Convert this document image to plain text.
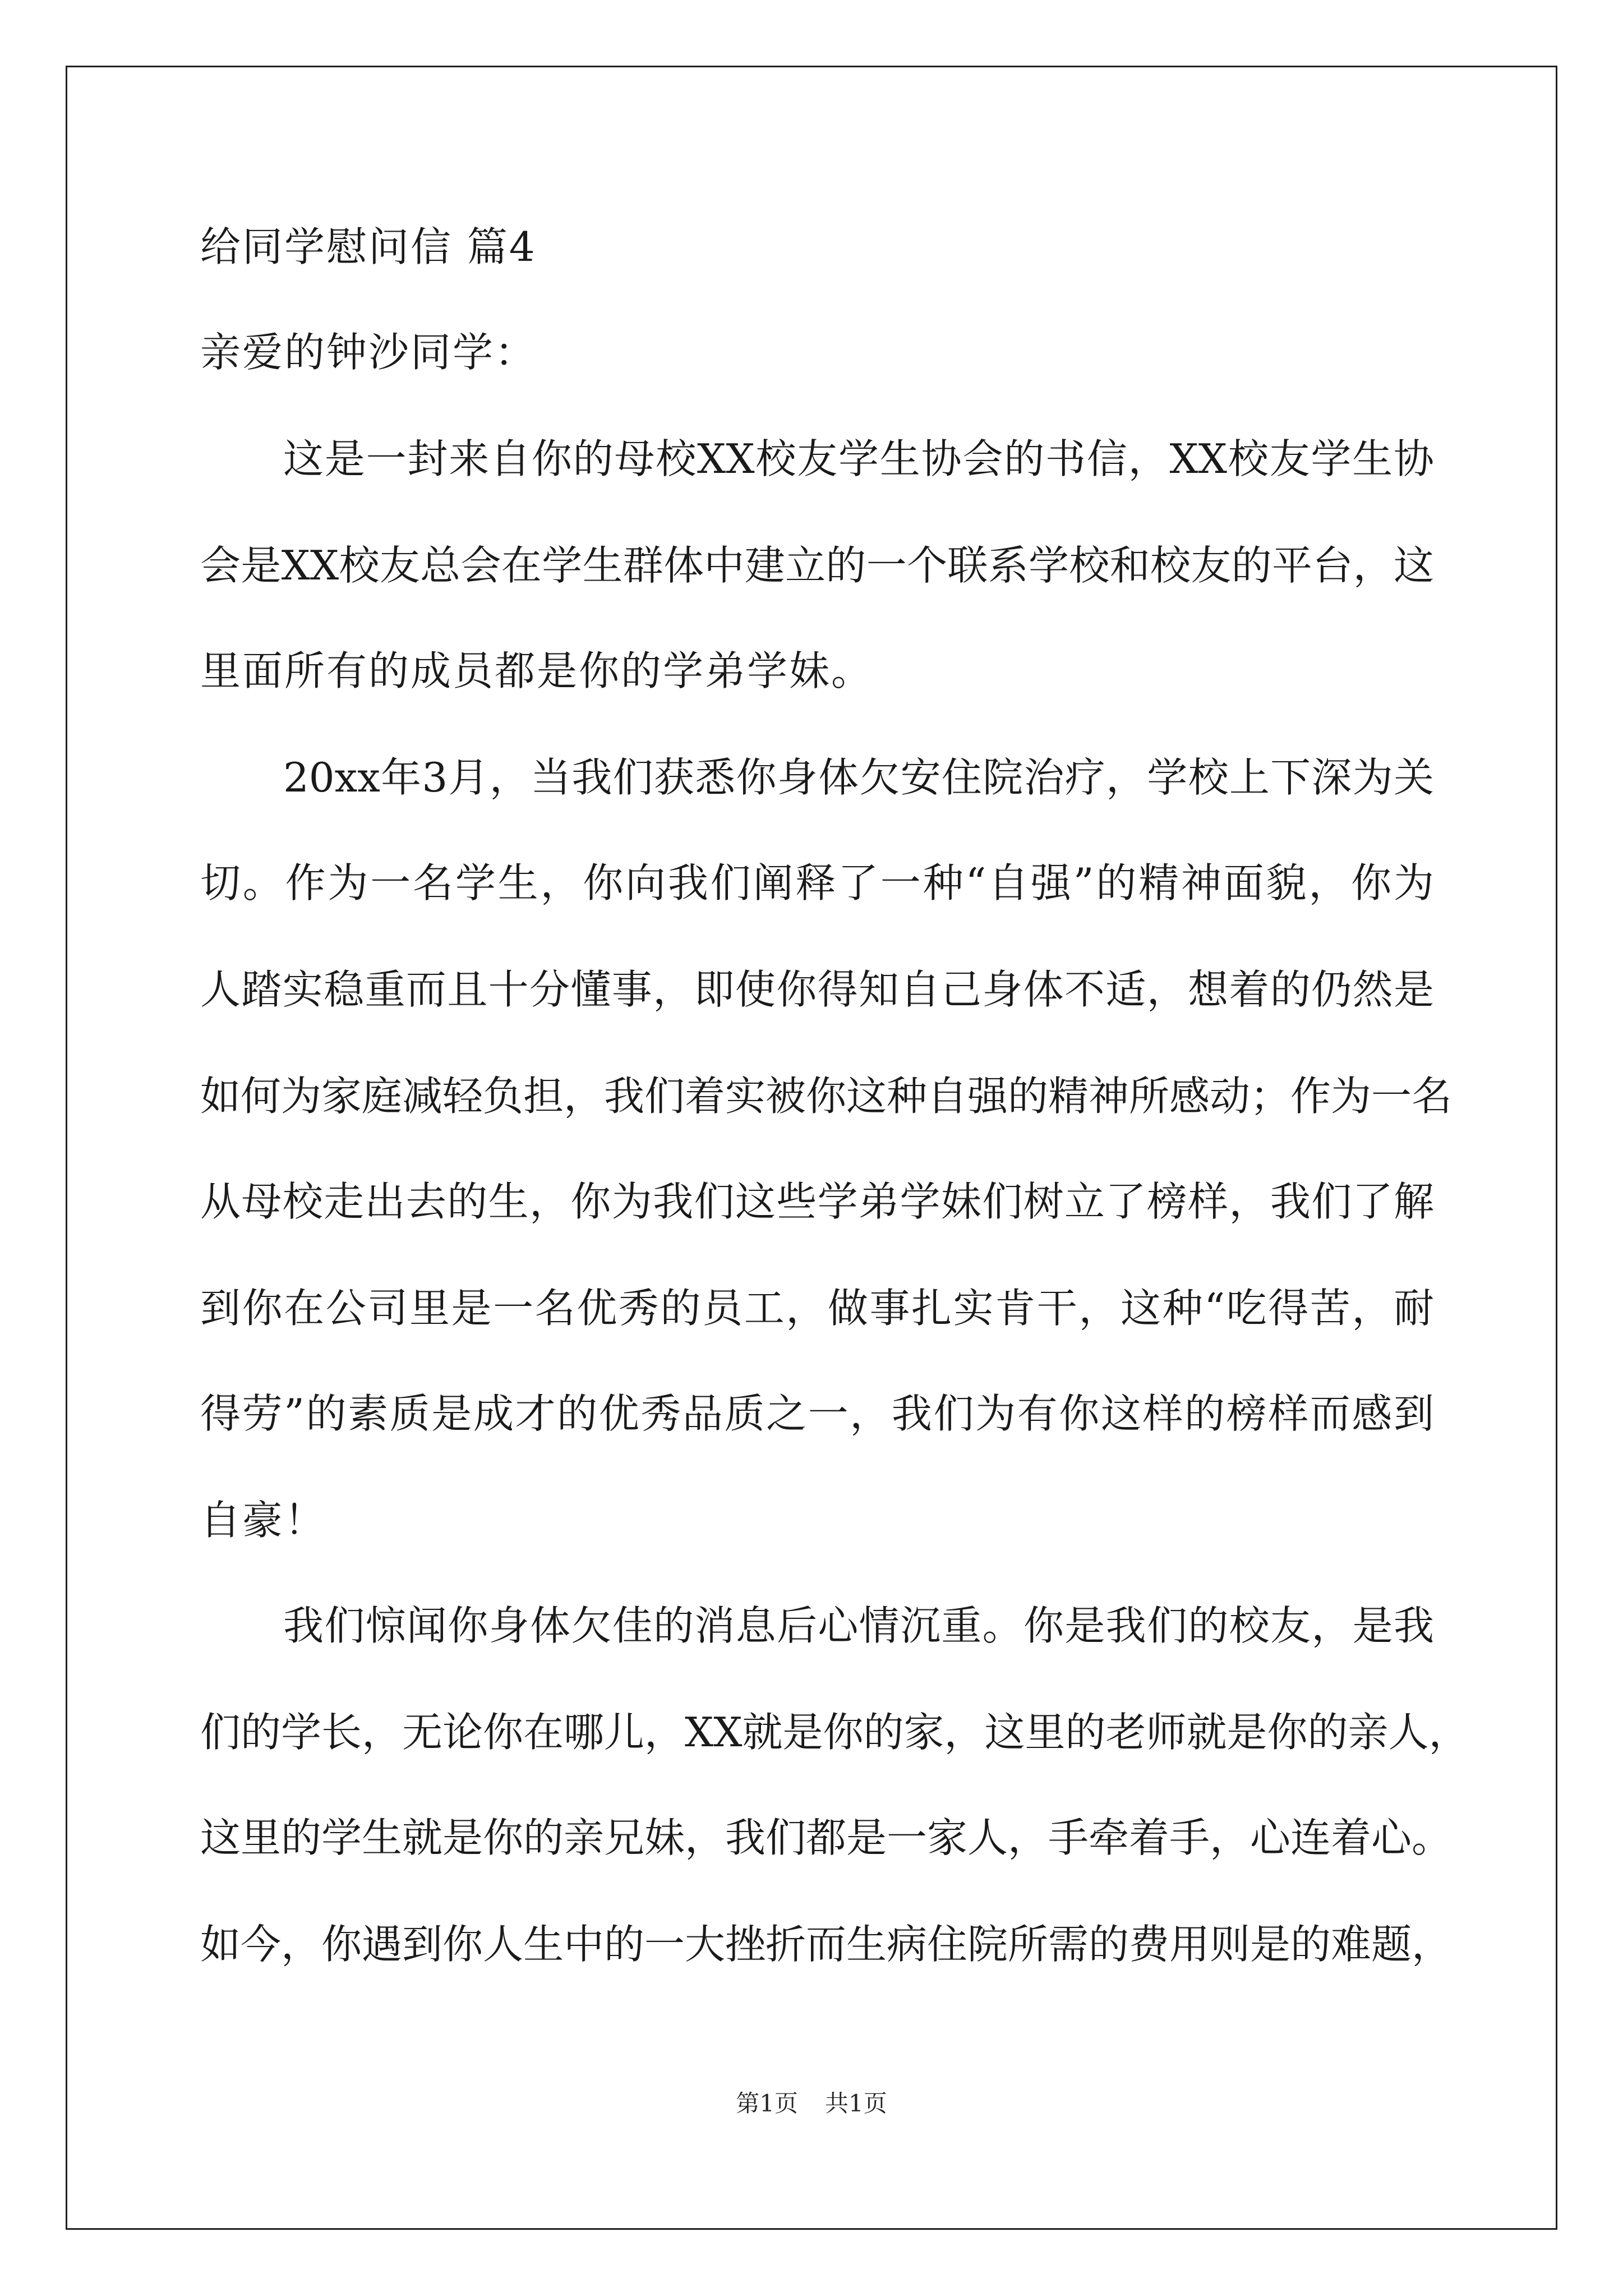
给同学慰问信 篇4
亲爱的钟沙同学：
这是一封来自你的母校XX校友学生协会的书信，XX校友学生协
会是XX校友总会在学生群体中建立的一个联系学校和校友的平台，这
里面所有的成员都是你的学弟学妹。
20xx年3月，当我们获悉你身体欠安住院治疗，学校上下深为关
切。作为一名学生，你向我们阐释了一种“自强”的精神面貌，你为
人踏实稳重而且十分懂事，即使你得知自己身体不适，想着的仍然是
如何为家庭减轻负担，我们着实被你这种自强的精神所感动；作为一名
从母校走出去的生，你为我们这些学弟学妹们树立了榜样，我们了解
到你在公司里是一名优秀的员工，做事扎实肯干，这种“吃得苦，耐
得劳”的素质是成才的优秀品质之一，我们为有你这样的榜样而感到
自豪！
我们惊闻你身体欠佳的消息后心情沉重。你是我们的校友，是我
们的学长，无论你在哪儿，XX就是你的家，这里的老师就是你的亲人，
这里的学生就是你的亲兄妹，我们都是一家人，手牵着手，心连着心。
如今，你遇到你人生中的一大挫折而生病住院所需的费用则是的难题，
第1页 共1页
